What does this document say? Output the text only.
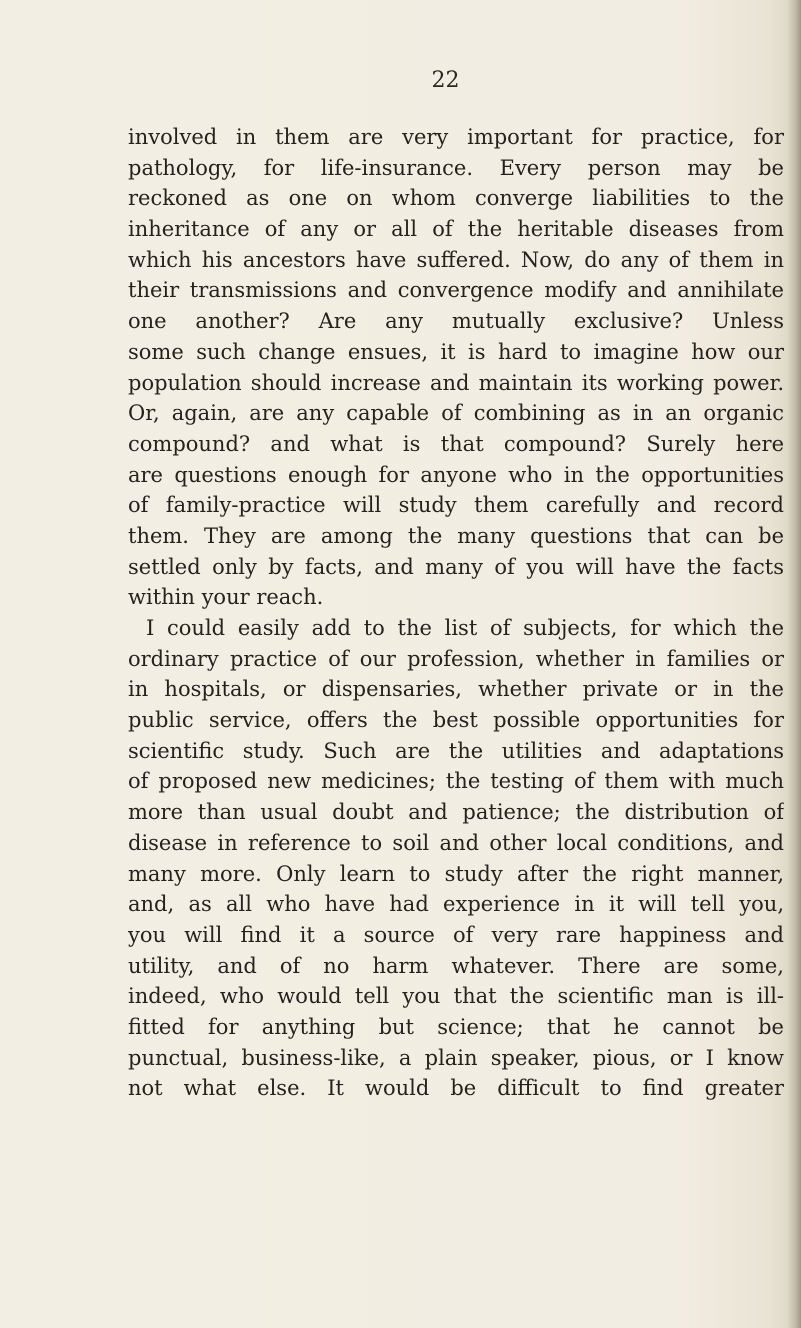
22
involved in them are very important for practice, for
pathology, for life-insurance. Every person may be
reckoned as one on whom converge liabilities to the
inheritance of any or all of the heritable diseases from
which his ancestors have suffered. Now, do any of them in
their transmissions and convergence modify and annihilate
one another? Are any mutually exclusive? Unless
some such change ensues, it is hard to imagine how our
population should increase and maintain its working power.
Or, again, are any capable of combining as in an organic
compound? and what is that compound? Surely here
are questions enough for anyone who in the opportunities
of family-practice will study them carefully and record
them. They are among the many questions that can be
settled only by facts, and many of you will have the facts
within your reach.
I could easily add to the list of subjects, for which the
ordinary practice of our profession, whether in families or
in hospitals, or dispensaries, whether private or in the
public service, offers the best possible opportunities for
scientific study. Such are the utilities and adaptations
of proposed new medicines; the testing of them with much
more than usual doubt and patience; the distribution of
disease in reference to soil and other local conditions, and
many more. Only learn to study after the right manner,
and, as all who have had experience in it will tell you,
you will find it a source of very rare happiness and
utility, and of no harm whatever. There are some,
indeed, who would tell you that the scientific man is ill-
fitted for anything but science; that he cannot be
punctual, business-like, a plain speaker, pious, or I know
not what else. It would be difficult to find greater
